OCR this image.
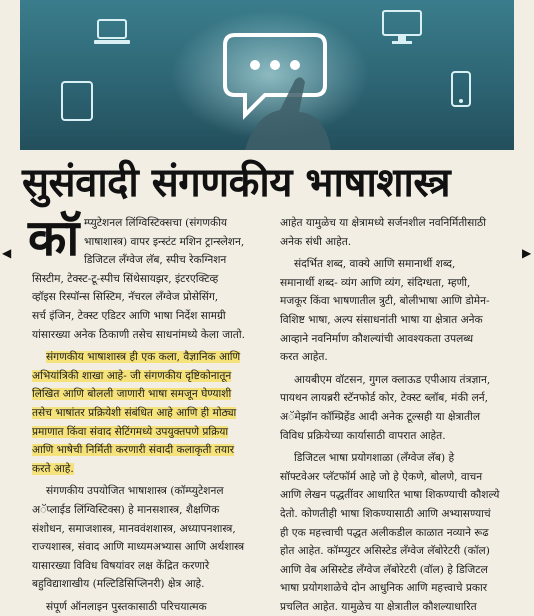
सुसंवादी संगणकीय भाषाशास्त्र
◀	▶
कॉ म्प्युटेशनल लिंग्विस्टिक्सचा (संगणकीय
भाषाशास्त्र) वापर इन्स्टंट मशिन ट्रान्स्लेशन,
डिजिटल लँग्वेज लॅब, स्पीच रेकग्निशन
सिस्टीम, टेक्स्ट-टू-स्पीच सिंथेसायझर, इंटरएक्टिव्ह
व्हॉइस रिस्पॉन्स सिस्टिम, नॅचरल लँग्वेज प्रोसेसिंग,
सर्च इंजिन, टेक्स्ट एडिटर आणि भाषा निर्देश सामग्री
यांसारख्या अनेक ठिकाणी तसेच साधनांमध्ये केला जातो.

संगणकीय भाषाशास्त्र ही एक कला, वैज्ञानिक आणि
अभियांत्रिकी शाखा आहे- जी संगणकीय दृष्टिकोनातून
लिखित आणि बोलली जाणारी भाषा समजून घेण्याशी
तसेच भाषांतर प्रक्रियेशी संबंधित आहे आणि ही मोठ्या
प्रमाणात किंवा संवाद सेटिंगमध्ये उपयुक्तपणे प्रक्रिया
आणि भाषेची निर्मिती करणारी संवादी कलाकृती तयार
करते आहे.

संगणकीय उपयोजित भाषाशास्त्र (कॉम्प्युटेशनल
अॅप्लाईड लिंग्विस्टिक्स) हे मानसशास्त्र, शैक्षणिक
संशोधन, समाजशास्त्र, मानववंशशास्त्र, अध्यापनशास्त्र,
राज्यशास्त्र, संवाद आणि माध्यमअभ्यास आणि अर्थशास्त्र
यासारख्या विविध विषयांवर लक्ष केंद्रित करणारे
बहुविद्याशाखीय (मल्टिडिसिप्लिनरी) क्षेत्र आहे.

संपूर्ण ऑनलाइन पुस्तकासाठी परिचयात्मक

आहेत यामुळेच या क्षेत्रामध्ये सर्जनशील नवनिर्मितीसाठी
अनेक संधी आहेत.

संदर्भित शब्द, वाक्ये आणि समानार्थी शब्द,
समानार्थी शब्द- व्यंग आणि व्यंग, संदिग्धता, म्हणी,
मजकूर किंवा भाषणातील त्रुटी, बोलीभाषा आणि डोमेन-
विशिष्ट भाषा, अल्प संसाधनांती भाषा या क्षेत्रात अनेक
आव्हाने नवनिर्माण कौशल्यांची आवश्यकता उपलब्ध
करत आहेत.

आयबीएम वॉटसन, गुगल क्लाऊड एपीआय तंत्रज्ञान,
पायथन लायब्ररी स्टॅनफोर्ड कोर, टेक्स्ट ब्लॉब, मंकी लर्न,
अॅमेझॉन कॉम्प्रिहेंड आदी अनेक टूल्सही या क्षेत्रातील
विविध प्रक्रियेच्या कार्यासाठी वापरात आहेत.

डिजिटल भाषा प्रयोगशाळा (लँग्वेज लॅब) हे
सॉफ्टवेअर प्लॅटफॉर्म आहे जो हे ऐकणे, बोलणे, वाचन
आणि लेखन पद्धतींवर आधारित भाषा शिकण्याची कौशल्ये
देतो. कोणतीही भाषा शिकण्यासाठी आणि अभ्यासण्याचं
ही एक महत्त्वाची पद्धत अलीकडील काळात नव्याने रूढ
होत आहेत. कॉम्प्युटर असिस्टेड लँग्वेज लॅबोरेटरी (कॉल)
आणि वेब असिस्टेड लँग्वेज लॅबोरेटरी (वॉल) हे डिजिटल
भाषा प्रयोगशाळेचे दोन आधुनिक आणि महत्त्वाचे प्रकार
प्रचलित आहेत. यामुळेच या क्षेत्रातील कौशल्याधारित
